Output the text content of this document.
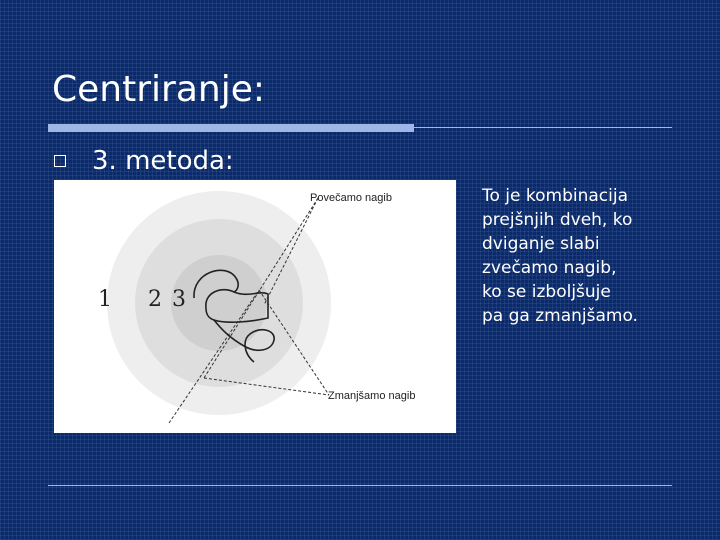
Centriranje:
3. metoda:
1 2 3
Povečamo nagib
Zmanjšamo nagib
To je kombinacija
prejšnjih dveh, ko
dviganje slabi
zvečamo nagib,
ko se izboljšuje
pa ga zmanjšamo.
